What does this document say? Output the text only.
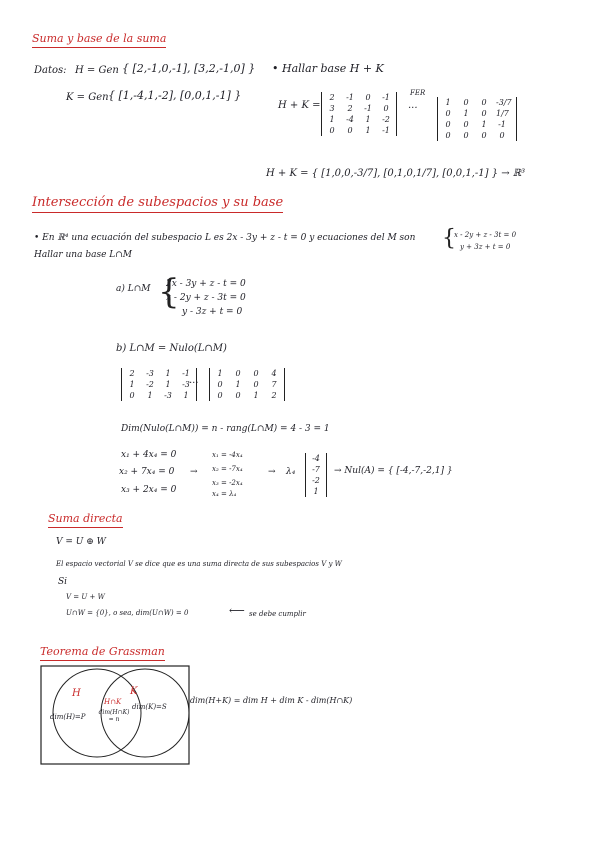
Suma y base de la suma
Datos: H = Gen { [2,-1,0,-1], [3,2,-1,0] }
K = Gen { [1,-4,1,-2], [0,0,1,-1] }
• Hallar base H + K
H + K =
2	-1	0	-1
3	2	-1	0
1	-4	1	-2
0	0	1	-1
FER
...	1	0	0	-3/7
0	1	0	1/7
0	0	1	-1
0	0	0	0
H + K = { [1,0,0,-3/7], [0,1,0,1/7], [0,0,1,-1] } → ℝ³
Intersección de subespacios y su base
• En ℝ⁴ una ecuación del subespacio L es 2x - 3y + z - t = 0 y ecuaciones del M son {
x - 2y + z - 3t = 0
y + 3z + t = 0
Hallar una base L∩M
a) L∩M {
2x - 3y + z - t = 0
x - 2y + z - 3t = 0
y - 3z + t = 0
b) L∩M = Nulo(L∩M)
2	-3	1	-1
1	-2	1	-3
0	1	-3	1
...
1	0	0	4
0	1	0	7
0	0	1	2
Dim(Nulo(L∩M)) = n - rang(L∩M) = 4 - 3 = 1
x₁ + 4x₄ = 0
x₂ + 7x₄ = 0
x₃ + 2x₄ = 0
→
x₁ = -4x₄
x₂ = -7x₄
x₃ = -2x₄
x₄ = λ₄
→ λ₄
-4
-7
-2
1
→ Nul(A) = { [-4,-7,-2,1] }
Suma directa
V = U ⊕ W
El espacio vectorial V se dice que es una suma directa de sus subespacios V y W
Si
V = U + W
U∩W = {0}, o sea, dim(U∩W) = 0	⟵ se debe cumplir
Teorema de Grassman
H	K
H∩K
dim(H)=P
dim(K)=S
dim(H∩K) = n
dim(H+K) = dim H + dim K - dim(H∩K)
